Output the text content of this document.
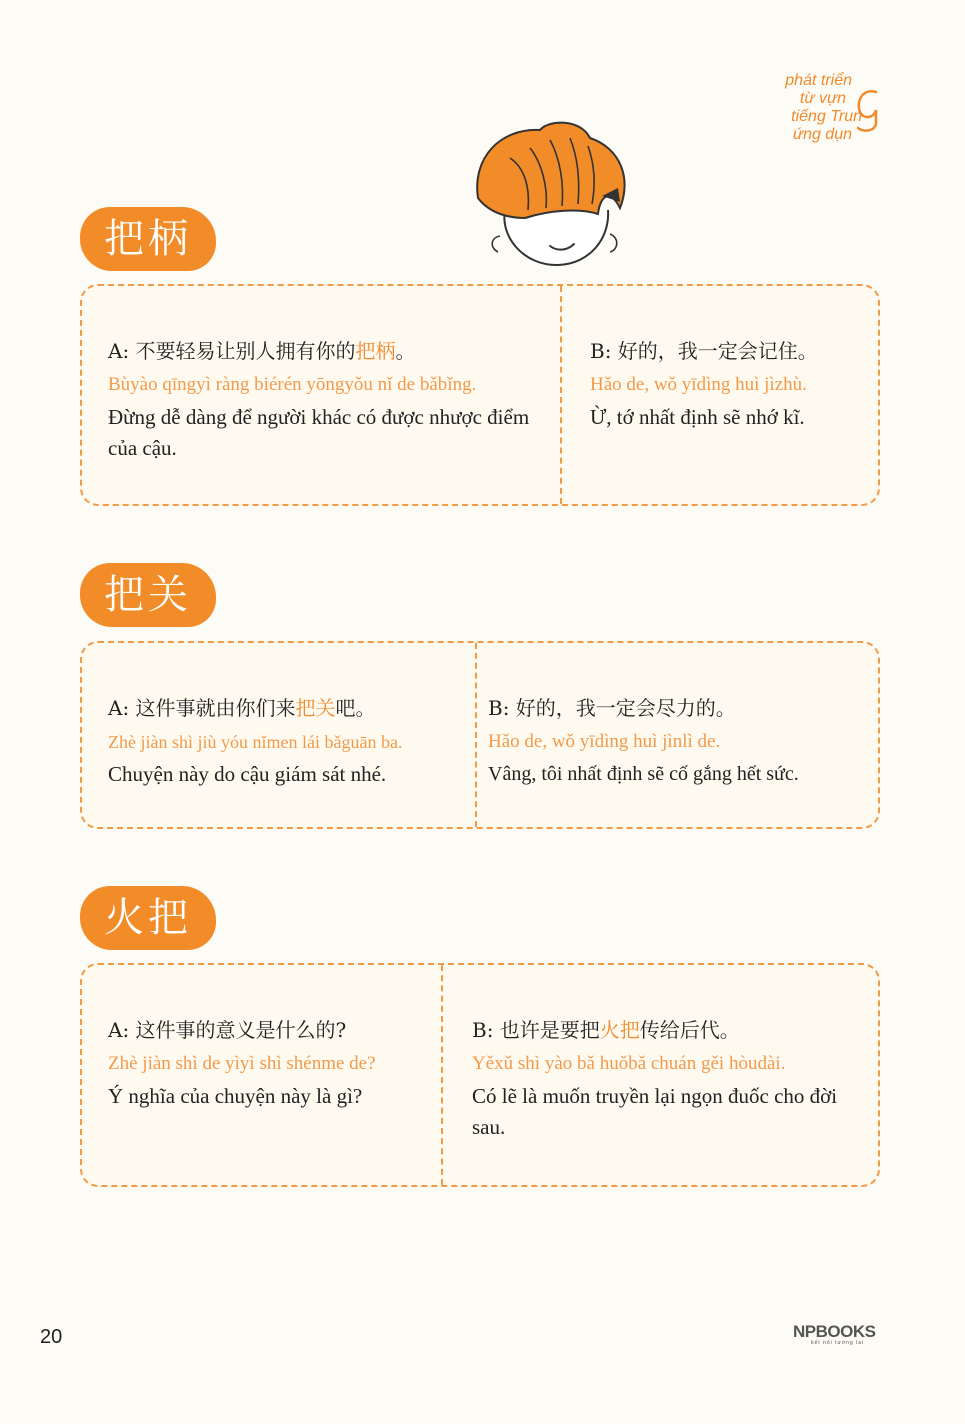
phát triển
từ vựn
tiếng Trun
ứng dụn
把柄
A: 不要轻易让别人拥有你的把柄。
Bùyào qīngyì ràng biérén yōngyǒu nǐ de bǎbǐng.
Đừng dễ dàng để người khác có được nhược điểm của cậu.
B: 好的，我一定会记住。
Hǎo de, wǒ yīdìng huì jìzhù.
Ừ, tớ nhất định sẽ nhớ kĩ.
把关
A: 这件事就由你们来把关吧。
Zhè jiàn shì jiù yóu nǐmen lái bǎguān ba.
Chuyện này do cậu giám sát nhé.
B: 好的，我一定会尽力的。
Hǎo de, wǒ yīdìng huì jìnlì de.
Vâng, tôi nhất định sẽ cố gắng hết sức.
火把
A: 这件事的意义是什么的?
Zhè jiàn shì de yìyì shì shénme de?
Ý nghĩa của chuyện này là gì?
B: 也许是要把火把传给后代。
Yěxǔ shì yào bǎ huǒbǎ chuán gěi hòudài.
Có lẽ là muốn truyền lại ngọn đuốc cho đời sau.
20	NPBOOKS
kết nối tương lai
